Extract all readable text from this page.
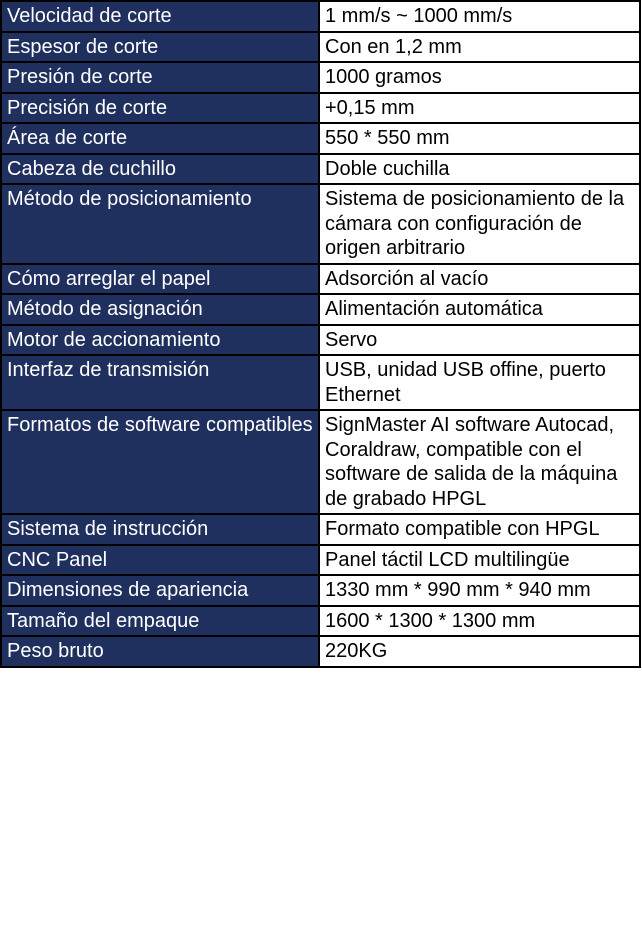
Velocidad de corte	1 mm/s ~ 1000 mm/s
Espesor de corte	Con en 1,2 mm
Presión de corte	1000 gramos
Precisión de corte	+0,15 mm
Área de corte	550 * 550 mm
Cabeza de cuchillo	Doble cuchilla
Método de posicionamiento	Sistema de posicionamiento de la cámara con configuración de origen arbitrario
Cómo arreglar el papel	Adsorción al vacío
Método de asignación	Alimentación automática
Motor de accionamiento	Servo
Interfaz de transmisión	USB, unidad USB offine, puerto Ethernet
Formatos de software compatibles	SignMaster AI software Autocad, Coraldraw, compatible con el software de salida de la máquina de grabado HPGL
Sistema de instrucción	Formato compatible con HPGL
CNC Panel	Panel táctil LCD multilingüe
Dimensiones de apariencia	1330 mm * 990 mm * 940 mm
Tamaño del empaque	1600 * 1300 * 1300 mm
Peso bruto	220KG
